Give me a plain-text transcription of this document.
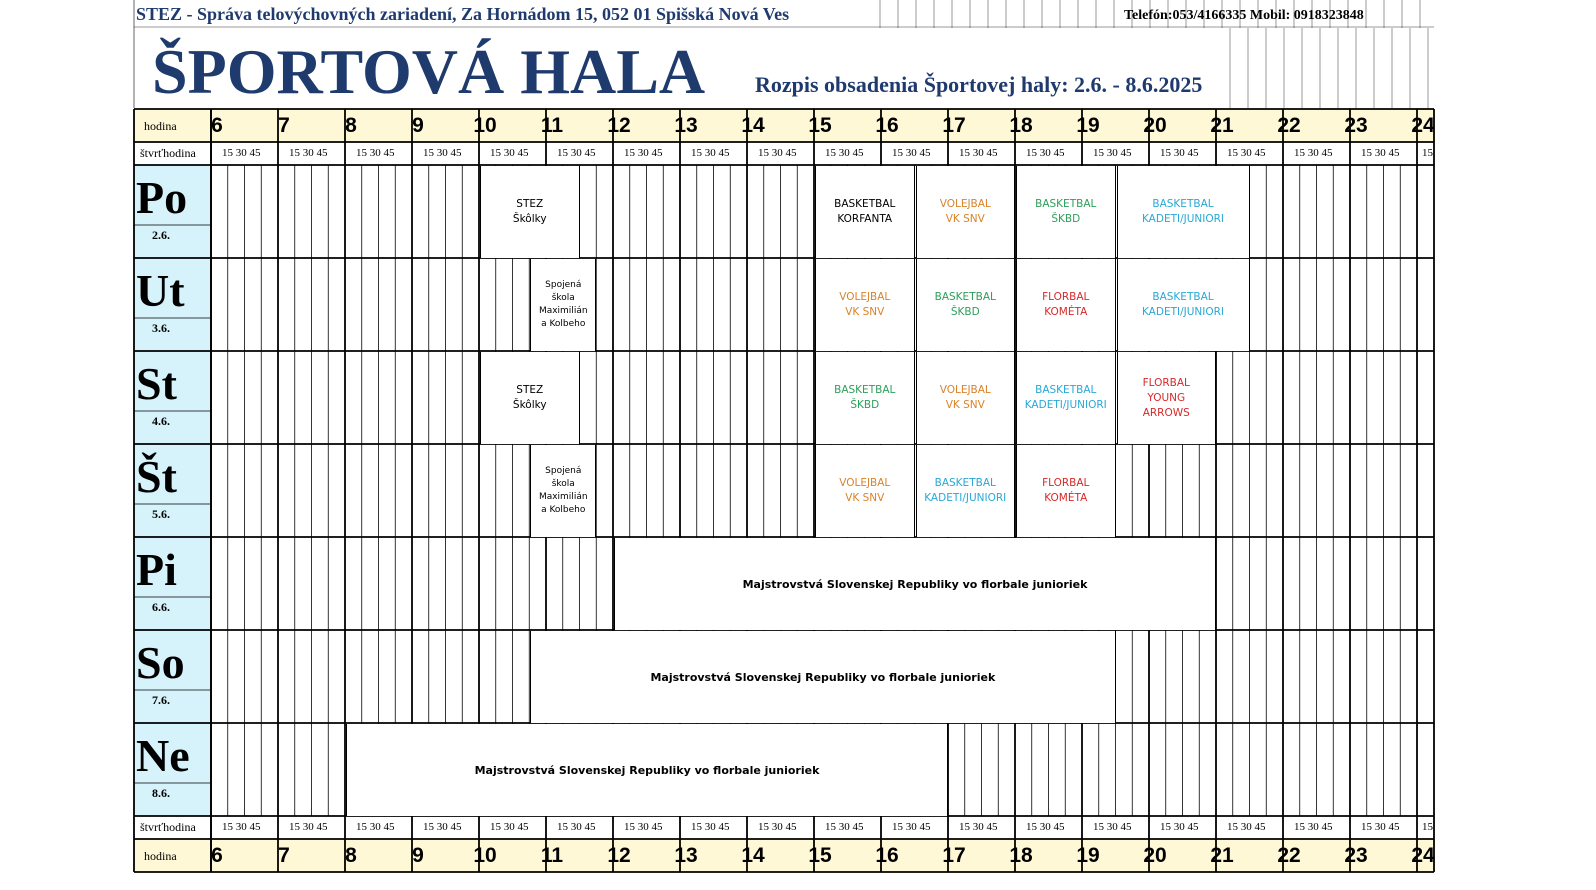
STEZ - Správa telovýchovných zariadení, Za Hornádom 15, 052 01 Spišská Nová Ves	Telefón:053/4166335 Mobil: 0918323848
ŠPORTOVÁ HALA Rozpis obsadenia Športovej haly: 2.6. - 8.6.2025
hodina
štvrťhodina
štvrťhodina
hodina
6
6
15 30 45
15 30 45
7
7
15 30 45
15 30 45
8
8
15 30 45
15 30 45
9
9
15 30 45
15 30 45
10
10
15 30 45
15 30 45
11
11
15 30 45
15 30 45
12
12
15 30 45
15 30 45
13
13
15 30 45
15 30 45
14
14
15 30 45
15 30 45
15
15
15 30 45
15 30 45
16
16
15 30 45
15 30 45
17
17
15 30 45
15 30 45
18
18
15 30 45
15 30 45
19
19
15 30 45
15 30 45
20
20
15 30 45
15 30 45
21
21
15 30 45
15 30 45
22
22
15 30 45
15 30 45
23
23
15 30 45
15 30 45
24
24
15
15
Po
2.6.
STEZ
Škôlky
BASKETBAL
KORFANTA
VOLEJBAL
VK SNV
BASKETBAL
ŠKBD
BASKETBAL
KADETI/JUNIORI
Ut
3.6.
Spojená
škola
Maximilián
a Kolbeho
VOLEJBAL
VK SNV
BASKETBAL
ŠKBD
FLORBAL
KOMÉTA
BASKETBAL
KADETI/JUNIORI
St
4.6.
STEZ
Škôlky
BASKETBAL
ŠKBD
VOLEJBAL
VK SNV
BASKETBAL
KADETI/JUNIORI
FLORBAL
YOUNG
ARROWS
Št
5.6.
Spojená
škola
Maximilián
a Kolbeho
VOLEJBAL
VK SNV
BASKETBAL
KADETI/JUNIORI
FLORBAL
KOMÉTA
Pi
6.6.
Majstrovstvá Slovenskej Republiky vo florbale junioriek
So
7.6.
Majstrovstvá Slovenskej Republiky vo florbale junioriek
Ne
8.6.
Majstrovstvá Slovenskej Republiky vo florbale junioriek
